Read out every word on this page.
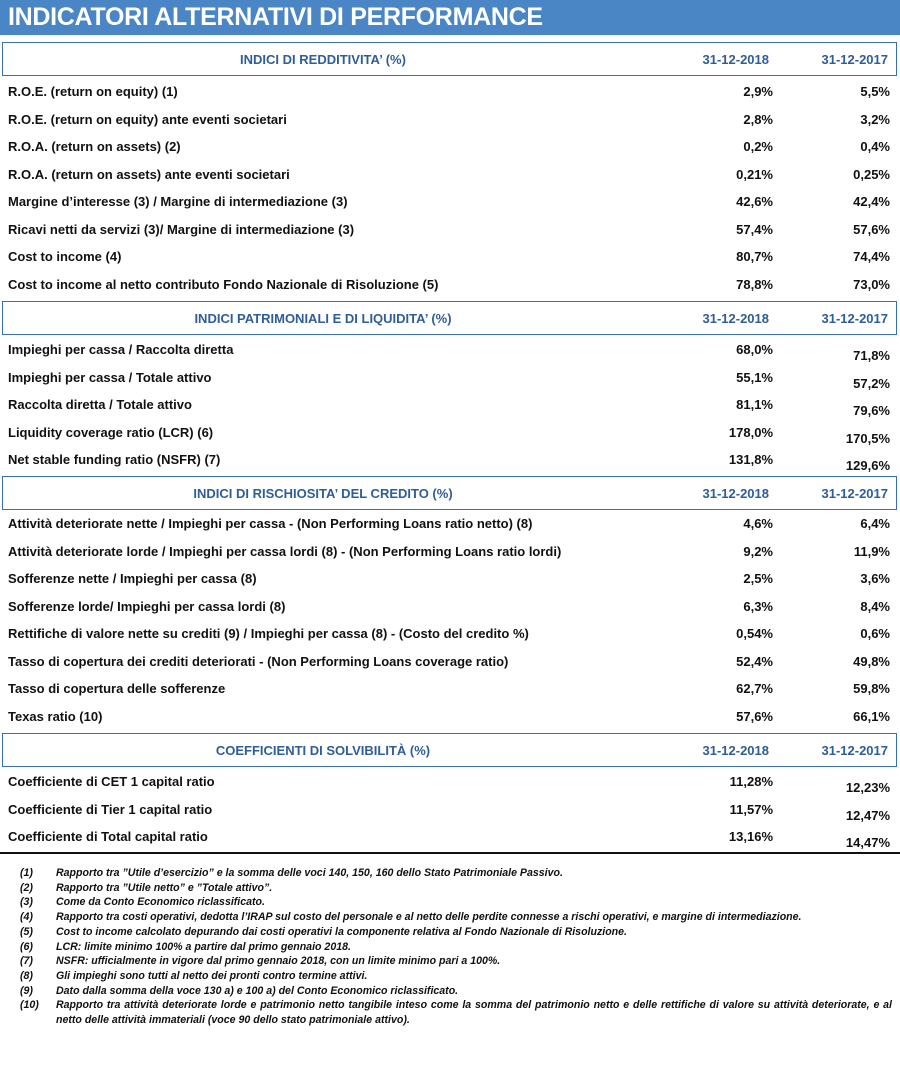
INDICATORI ALTERNATIVI DI PERFORMANCE
INDICI DI REDDITIVITA’ (%)	31-12-2018	31-12-2017
R.O.E. (return on equity) (1)	2,9%	5,5%
R.O.E. (return on equity) ante eventi societari	2,8%	3,2%
R.O.A. (return on assets) (2)	0,2%	0,4%
R.O.A. (return on assets) ante eventi societari	0,21%	0,25%
Margine d’interesse (3) / Margine di intermediazione (3)	42,6%	42,4%
Ricavi netti da servizi (3)/ Margine di intermediazione (3)	57,4%	57,6%
Cost to income (4)	80,7%	74,4%
Cost to income al netto contributo Fondo Nazionale di Risoluzione (5)	78,8%	73,0%
INDICI PATRIMONIALI E DI LIQUIDITA’ (%)	31-12-2018	31-12-2017
Impieghi per cassa / Raccolta diretta	68,0%	71,8%
Impieghi per cassa / Totale attivo	55,1%	57,2%
Raccolta diretta / Totale attivo	81,1%	79,6%
Liquidity coverage ratio (LCR) (6)	178,0%	170,5%
Net stable funding ratio (NSFR) (7)	131,8%	129,6%
INDICI DI RISCHIOSITA’ DEL CREDITO (%)	31-12-2018	31-12-2017
Attività deteriorate nette / Impieghi per cassa - (Non Performing Loans ratio netto) (8)	4,6%	6,4%
Attività deteriorate lorde / Impieghi per cassa lordi (8) - (Non Performing Loans ratio lordi)	9,2%	11,9%
Sofferenze nette / Impieghi per cassa (8)	2,5%	3,6%
Sofferenze lorde/ Impieghi per cassa lordi (8)	6,3%	8,4%
Rettifiche di valore nette su crediti (9) / Impieghi per cassa (8) - (Costo del credito %)	0,54%	0,6%
Tasso di copertura dei crediti deteriorati - (Non Performing Loans coverage ratio)	52,4%	49,8%
Tasso di copertura delle sofferenze	62,7%	59,8%
Texas ratio (10)	57,6%	66,1%
COEFFICIENTI DI SOLVIBILITÀ (%)	31-12-2018	31-12-2017
Coefficiente di CET 1 capital ratio	11,28%	12,23%
Coefficiente di Tier 1 capital ratio	11,57%	12,47%
Coefficiente di Total capital ratio	13,16%	14,47%
(1) Rapporto tra ”Utile d’esercizio” e la somma delle voci 140, 150, 160 dello Stato Patrimoniale Passivo.
(2) Rapporto tra ”Utile netto” e ”Totale attivo”.
(3) Come da Conto Economico riclassificato.
(4) Rapporto tra costi operativi, dedotta l’IRAP sul costo del personale e al netto delle perdite connesse a rischi operativi, e margine di intermediazione.
(5) Cost to income calcolato depurando dai costi operativi la componente relativa al Fondo Nazionale di Risoluzione.
(6) LCR: limite minimo 100% a partire dal primo gennaio 2018.
(7) NSFR: ufficialmente in vigore dal primo gennaio 2018, con un limite minimo pari a 100%.
(8) Gli impieghi sono tutti al netto dei pronti contro termine attivi.
(9) Dato dalla somma della voce 130 a) e 100 a) del Conto Economico riclassificato.
(10) Rapporto tra attività deteriorate lorde e patrimonio netto tangibile inteso come la somma del patrimonio netto e delle rettifiche di valore su attività deteriorate, e al netto delle attività immateriali (voce 90 dello stato patrimoniale attivo).
